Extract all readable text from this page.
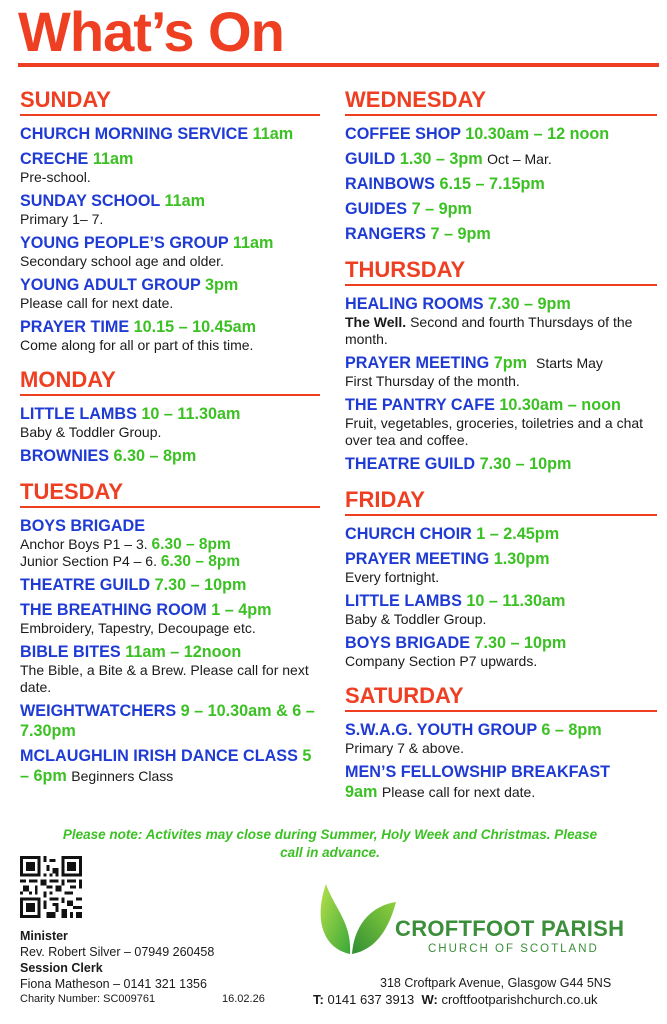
What’s On
SUNDAY
CHURCH MORNING SERVICE 11am
CRECHE 11am
Pre-school.
SUNDAY SCHOOL 11am
Primary 1– 7.
YOUNG PEOPLE’S GROUP 11am
Secondary school age and older.
YOUNG ADULT GROUP 3pm
Please call for next date.
PRAYER TIME 10.15 – 10.45am
Come along for all or part of this time.
MONDAY
LITTLE LAMBS 10 – 11.30am
Baby & Toddler Group.
BROWNIES 6.30 – 8pm
TUESDAY
BOYS BRIGADE
Anchor Boys P1 – 3. 6.30 – 8pm
Junior Section P4 – 6. 6.30 – 8pm
THEATRE GUILD 7.30 – 10pm
THE BREATHING ROOM 1 – 4pm
Embroidery, Tapestry, Decoupage etc.
BIBLE BITES 11am – 12noon
The Bible, a Bite & a Brew. Please call for next date.
WEIGHTWATCHERS 9 – 10.30am & 6 – 7.30pm
MCLAUGHLIN IRISH DANCE CLASS 5 – 6pm Beginners Class
WEDNESDAY
COFFEE SHOP 10.30am – 12 noon
GUILD 1.30 – 3pm Oct – Mar.
RAINBOWS 6.15 – 7.15pm
GUIDES 7 – 9pm
RANGERS 7 – 9pm
THURSDAY
HEALING ROOMS 7.30 – 9pm
The Well. Second and fourth Thursdays of the month.
PRAYER MEETING 7pm Starts May
First Thursday of the month.
THE PANTRY CAFE 10.30am – noon
Fruit, vegetables, groceries, toiletries and a chat over tea and coffee.
THEATRE GUILD 7.30 – 10pm
FRIDAY
CHURCH CHOIR 1 – 2.45pm
PRAYER MEETING 1.30pm
Every fortnight.
LITTLE LAMBS 10 – 11.30am
Baby & Toddler Group.
BOYS BRIGADE 7.30 – 10pm
Company Section P7 upwards.
SATURDAY
S.W.A.G. YOUTH GROUP 6 – 8pm
Primary 7 & above.
MEN’S FELLOWSHIP BREAKFAST
9am Please call for next date.
Please note: Activites may close during Summer, Holy Week and Christmas. Please call in advance.
Minister
Rev. Robert Silver – 07949 260458
Session Clerk
Fiona Matheson – 0141 321 1356
Charity Number: SC009761	16.02.26
CROFTFOOT PARISH
CHURCH OF SCOTLAND
318 Croftpark Avenue, Glasgow G44 5NS
T: 0141 637 3913 W: croftfootparishchurch.co.uk
